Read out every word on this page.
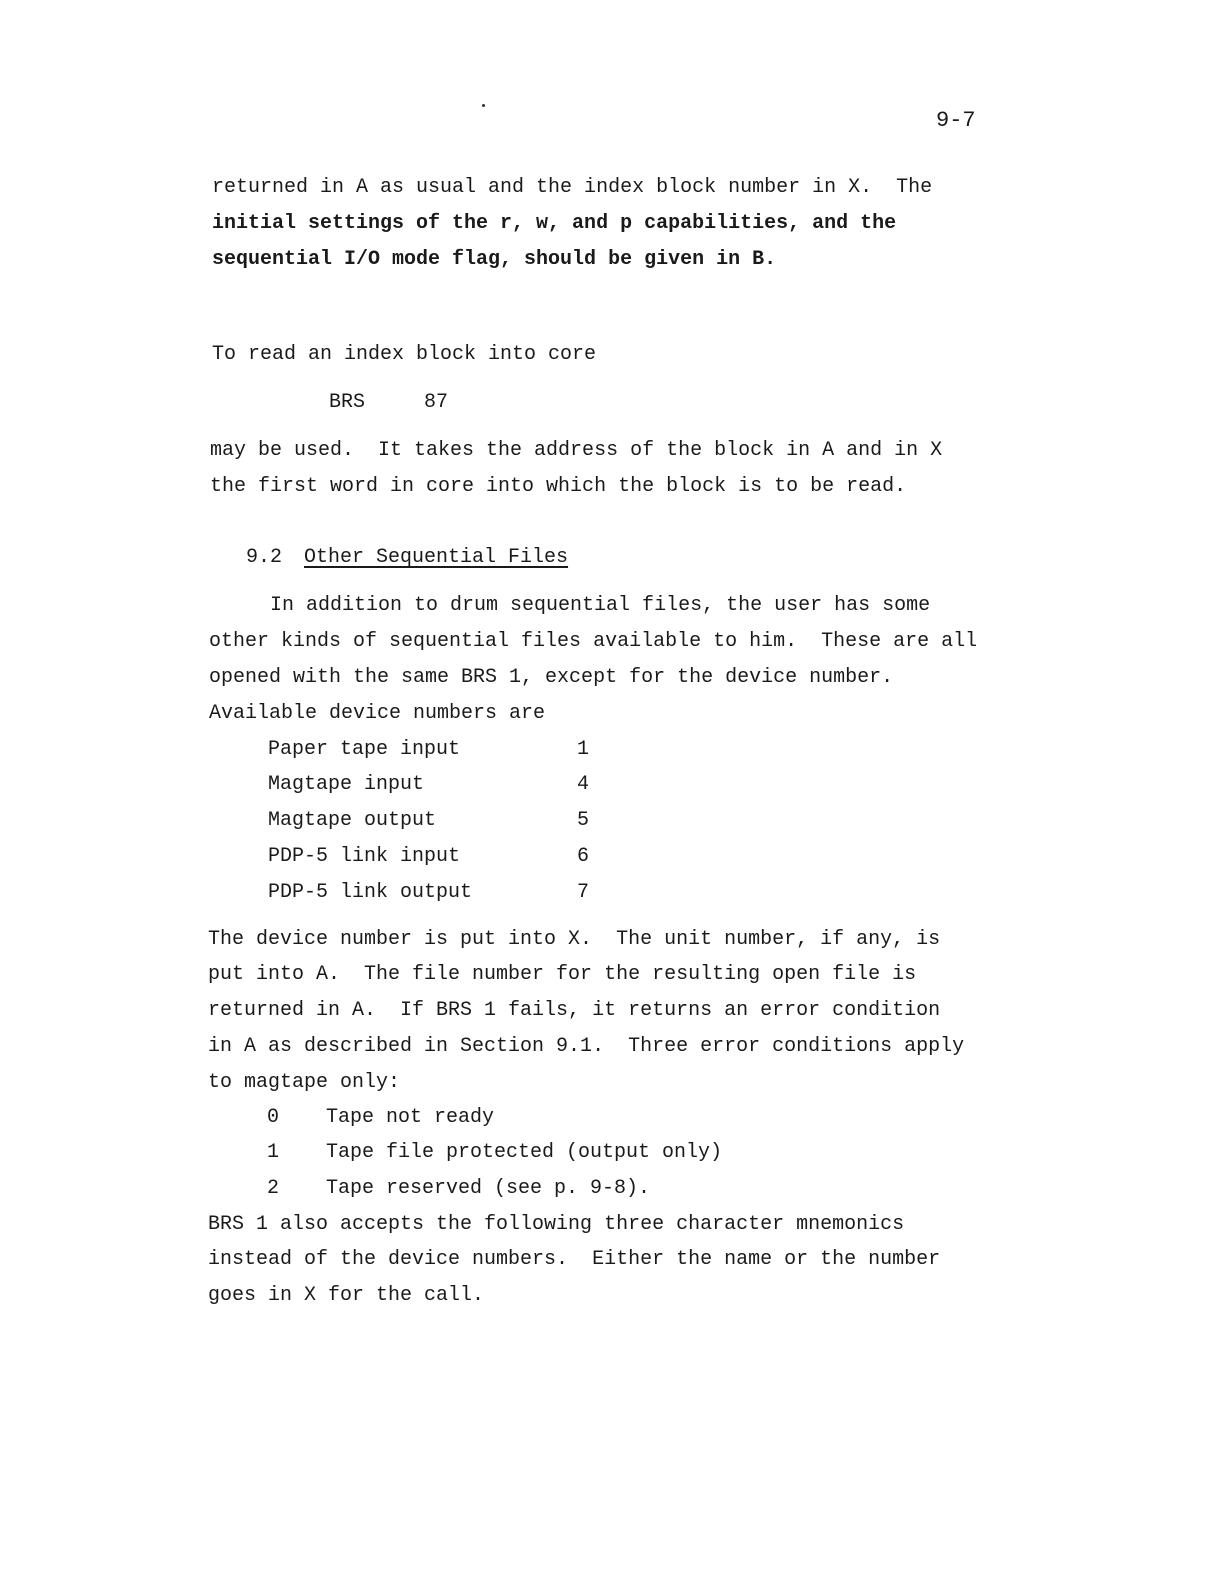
9-7
returned in A as usual and the index block number in X.  The
initial settings of the r, w, and p capabilities, and the
sequential I/O mode flag, should be given in B.
To read an index block into core
BRS	87
may be used.  It takes the address of the block in A and in X
the first word in core into which the block is to be read.
9.2 Other Sequential Files
In addition to drum sequential files, the user has some
other kinds of sequential files available to him.  These are all
opened with the same BRS 1, except for the device number.
Available device numbers are
Paper tape input	1
Magtape input	4
Magtape output	5
PDP-5 link input	6
PDP-5 link output	7
The device number is put into X.  The unit number, if any, is
put into A.  The file number for the resulting open file is
returned in A.  If BRS 1 fails, it returns an error condition
in A as described in Section 9.1.  Three error conditions apply
to magtape only:
0 Tape not ready
1 Tape file protected (output only)
2 Tape reserved (see p. 9-8).
BRS 1 also accepts the following three character mnemonics
instead of the device numbers.  Either the name or the number
goes in X for the call.
